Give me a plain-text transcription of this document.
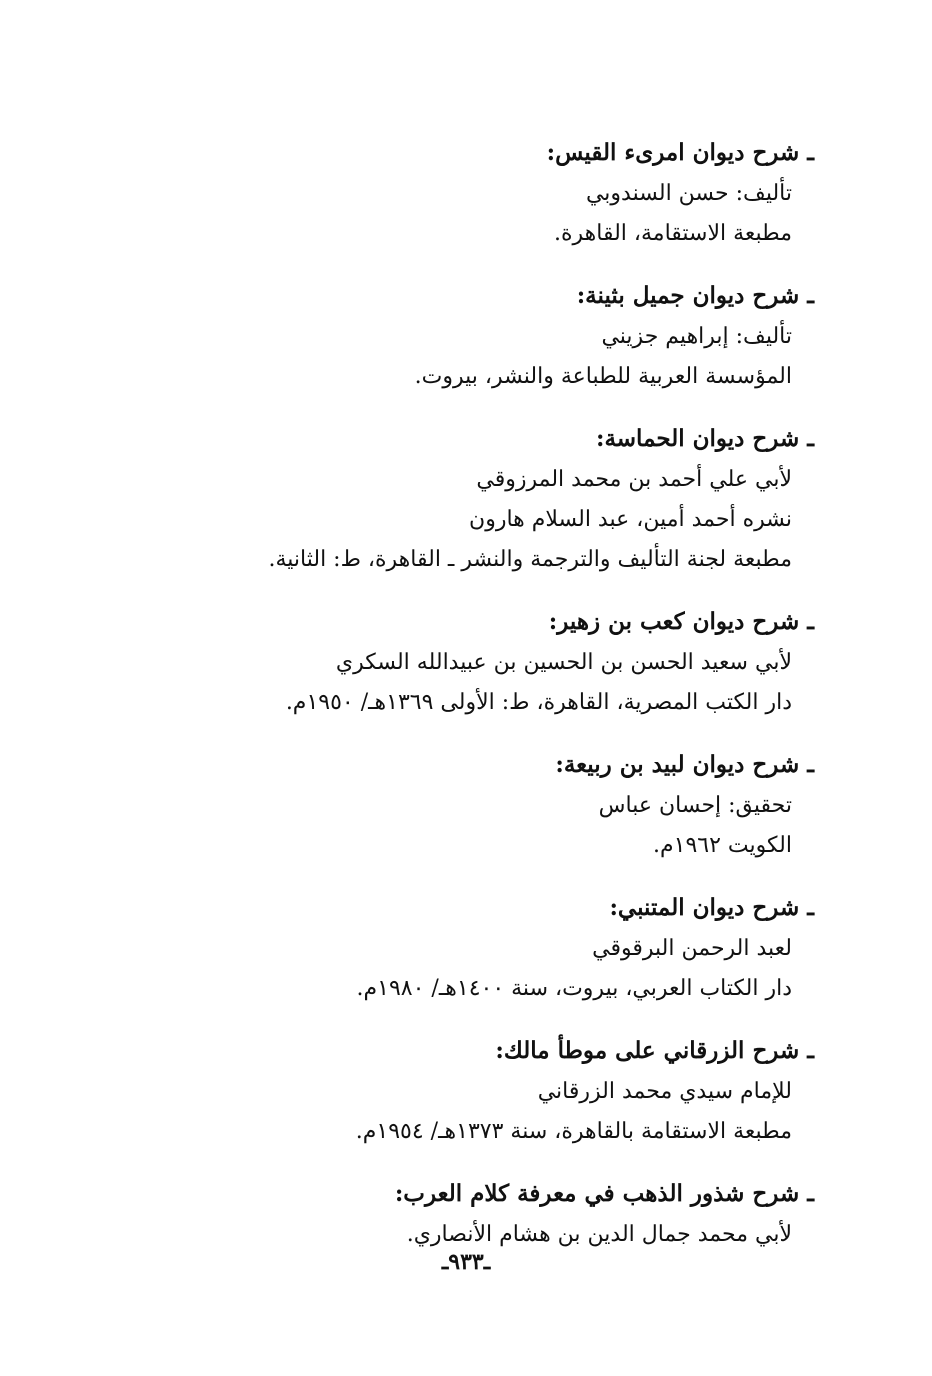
ـ شرح ديوان امرىء القيس:
تأليف: حسن السندوبي
مطبعة الاستقامة، القاهرة.
ـ شرح ديوان جميل بثينة:
تأليف: إبراهيم جزيني
المؤسسة العربية للطباعة والنشر، بيروت.
ـ شرح ديوان الحماسة:
لأبي علي أحمد بن محمد المرزوقي
نشره أحمد أمين، عبد السلام هارون
مطبعة لجنة التأليف والترجمة والنشر ـ القاهرة، ط: الثانية.
ـ شرح ديوان كعب بن زهير:
لأبي سعيد الحسن بن الحسين بن عبيدالله السكري
دار الكتب المصرية، القاهرة، ط: الأولى ١٣٦٩هـ/ ١٩٥٠م.
ـ شرح ديوان لبيد بن ربيعة:
تحقيق: إحسان عباس
الكويت ١٩٦٢م.
ـ شرح ديوان المتنبي:
لعبد الرحمن البرقوقي
دار الكتاب العربي، بيروت، سنة ١٤٠٠هـ/ ١٩٨٠م.
ـ شرح الزرقاني على موطأ مالك:
للإمام سيدي محمد الزرقاني
مطبعة الاستقامة بالقاهرة، سنة ١٣٧٣هـ/ ١٩٥٤م.
ـ شرح شذور الذهب في معرفة كلام العرب:
لأبي محمد جمال الدين بن هشام الأنصاري.
ـ٩٣٣ـ
